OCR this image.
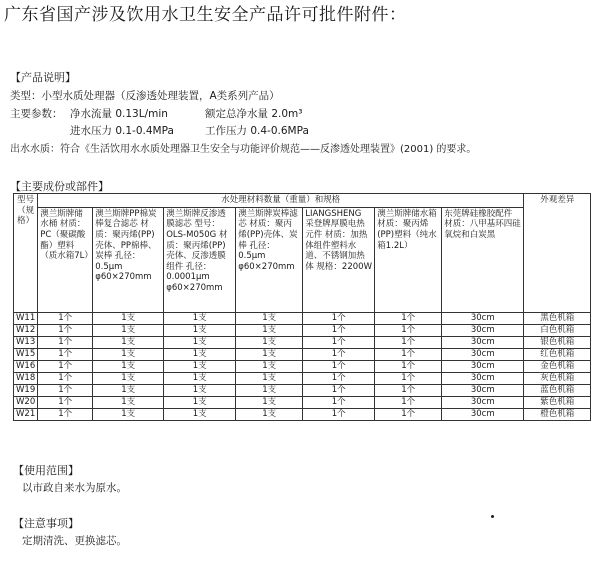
广东省国产涉及饮用水卫生安全产品许可批件附件：
【产品说明】
类型：小型水质处理器（反渗透处理装置，A类系列产品）
主要参数： 净水流量 0.13L/min	额定总净水量 2.0m³
进水压力 0.1-0.4MPa	工作压力 0.4-0.6MPa
出水水质：符合《生活饮用水水质处理器卫生安全与功能评价规范——反渗透处理装置》(2001) 的要求。
【主要成份或部件】
型号（规格）	水处理材料数量（重量）和规格							外观差异
	澳兰斯牌储水桶 材质：PC（聚碳酸酯）塑料（质水箱7L）	澳兰斯牌PP棉炭棒复合滤芯 材质：聚丙烯(PP)壳体、PP棉棒、炭棒 孔径：0.5μm φ60×270mm	澳兰斯牌反渗透膜滤芯 型号：OLS-M050G 材质：聚丙烯(PP)壳体、反渗透膜组件 孔径：0.0001μm φ60×270mm	澳兰斯牌炭棒滤芯 材质：聚丙烯(PP)壳体、炭棒 孔径：0.5μm φ60×270mm	LIANGSHENG 采登牌厚膜电热元件 材质：加热体组件塑料水道、不锈钢加热体 规格：2200W	澳兰斯牌储水箱 材质：聚丙烯(PP)塑料（纯水箱1.2L）	东莞牌硅橡胶配件 材质：八甲基环四硅氧烷和白炭黑	
W11	1个	1支	1支	1支	1个	1个	30cm	黑色机箱
W12	1个	1支	1支	1支	1个	1个	30cm	白色机箱
W13	1个	1支	1支	1支	1个	1个	30cm	银色机箱
W15	1个	1支	1支	1支	1个	1个	30cm	红色机箱
W16	1个	1支	1支	1支	1个	1个	30cm	金色机箱
W18	1个	1支	1支	1支	1个	1个	30cm	灰色机箱
W19	1个	1支	1支	1支	1个	1个	30cm	蓝色机箱
W20	1个	1支	1支	1支	1个	1个	30cm	紫色机箱
W21	1个	1支	1支	1支	1个	1个	30cm	橙色机箱
【使用范围】
以市政自来水为原水。
【注意事项】
定期清洗、更换滤芯。
